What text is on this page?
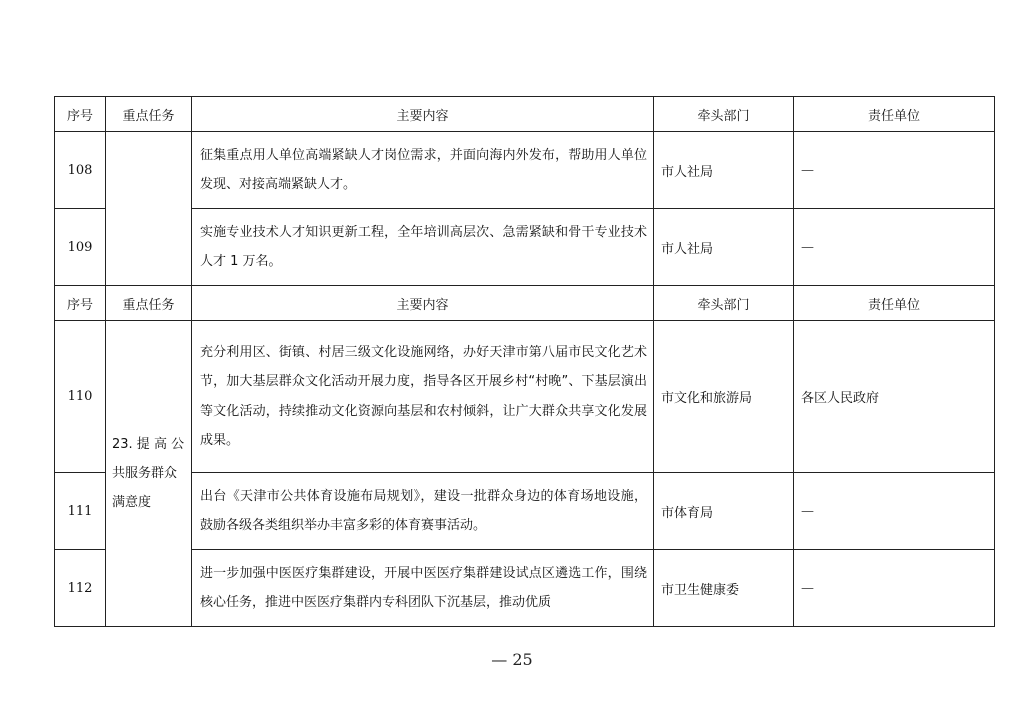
序号	重点任务	主要内容	牵头部门	责任单位
108		征集重点用人单位高端紧缺人才岗位需求，并面向海内外发布，帮助用人单位发现、对接高端紧缺人才。	市人社局	—
109		实施专业技术人才知识更新工程，全年培训高层次、急需紧缺和骨干专业技术人才 1 万名。	市人社局	—
序号	重点任务	主要内容	牵头部门	责任单位
110	23. 提 高 公共服务群众满意度	充分利用区、街镇、村居三级文化设施网络，办好天津市第八届市民文化艺术节，加大基层群众文化活动开展力度，指导各区开展乡村“村晚”、下基层演出等文化活动，持续推动文化资源向基层和农村倾斜，让广大群众共享文化发展成果。	市文化和旅游局	各区人民政府
111		出台《天津市公共体育设施布局规划》，建设一批群众身边的体育场地设施，鼓励各级各类组织举办丰富多彩的体育赛事活动。	市体育局	—
112		进一步加强中医医疗集群建设，开展中医医疗集群建设试点区遴选工作，围绕核心任务，推进中医医疗集群内专科团队下沉基层，推动优质	市卫生健康委	—
— 25
